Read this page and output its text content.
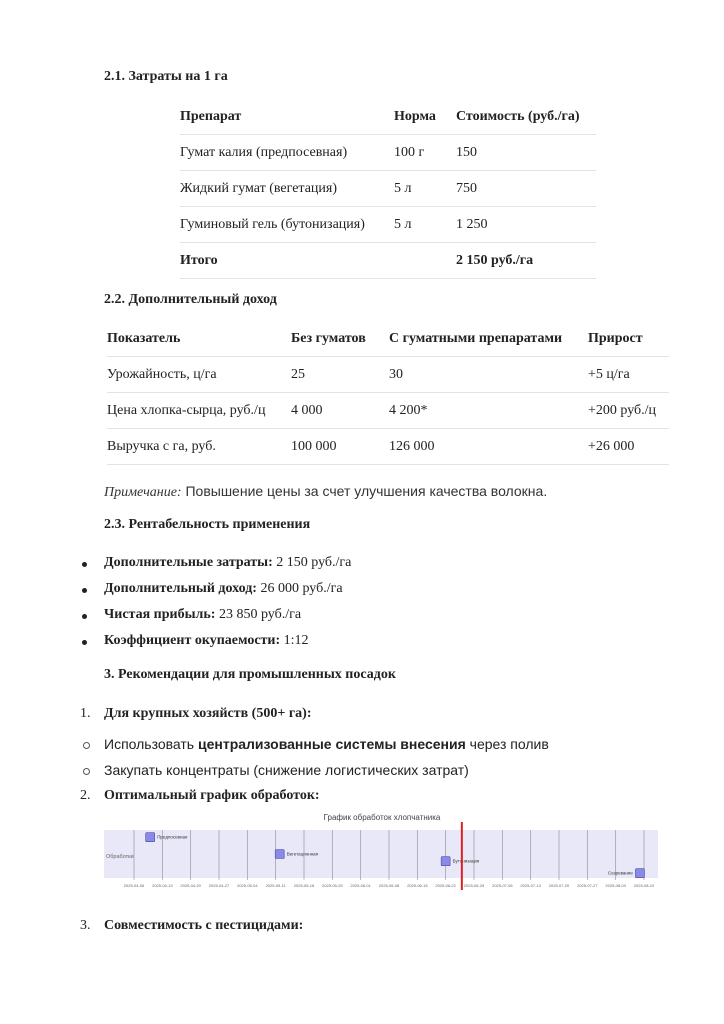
2.1. Затраты на 1 га
Препарат	Норма	Стоимость (руб./га)
Гумат калия (предпосевная)	100 г	150
Жидкий гумат (вегетация)	5 л	750
Гуминовый гель (бутонизация)	5 л	1 250
Итого		2 150 руб./га
2.2. Дополнительный доход
Показатель	Без гуматов	С гуматными препаратами	Прирост
Урожайность, ц/га	25	30	+5 ц/га
Цена хлопка-сырца, руб./ц	4 000	4 200*	+200 руб./ц
Выручка с га, руб.	100 000	126 000	+26 000
Примечание: Повышение цены за счет улучшения качества волокна.
2.3. Рентабельность применения
Дополнительные затраты: 2 150 руб./га
Дополнительный доход: 26 000 руб./га
Чистая прибыль: 23 850 руб./га
Коэффициент окупаемости: 1:12
3. Рекомендации для промышленных посадок
1. Для крупных хозяйств (500+ га):
Использовать централизованные системы внесения через полив
Закупать концентраты (снижение логистических затрат)
2. Оптимальный график обработок:
График обработок хлопчатника
Обработки
2025-04-06 2025-04-13 2025-04-20 2025-04-27 2025-05-04 2025-05-11 2025-05-18 2025-05-25 2025-06-01 2025-06-08 2025-06-15 2025-06-22 2025-06-29 2025-07-06 2025-07-13 2025-07-20 2025-07-27 2025-08-03 2025-08-10
Предпосевная
Вегетационная
Бутонизация
Созревание
3. Совместимость с пестицидами:
